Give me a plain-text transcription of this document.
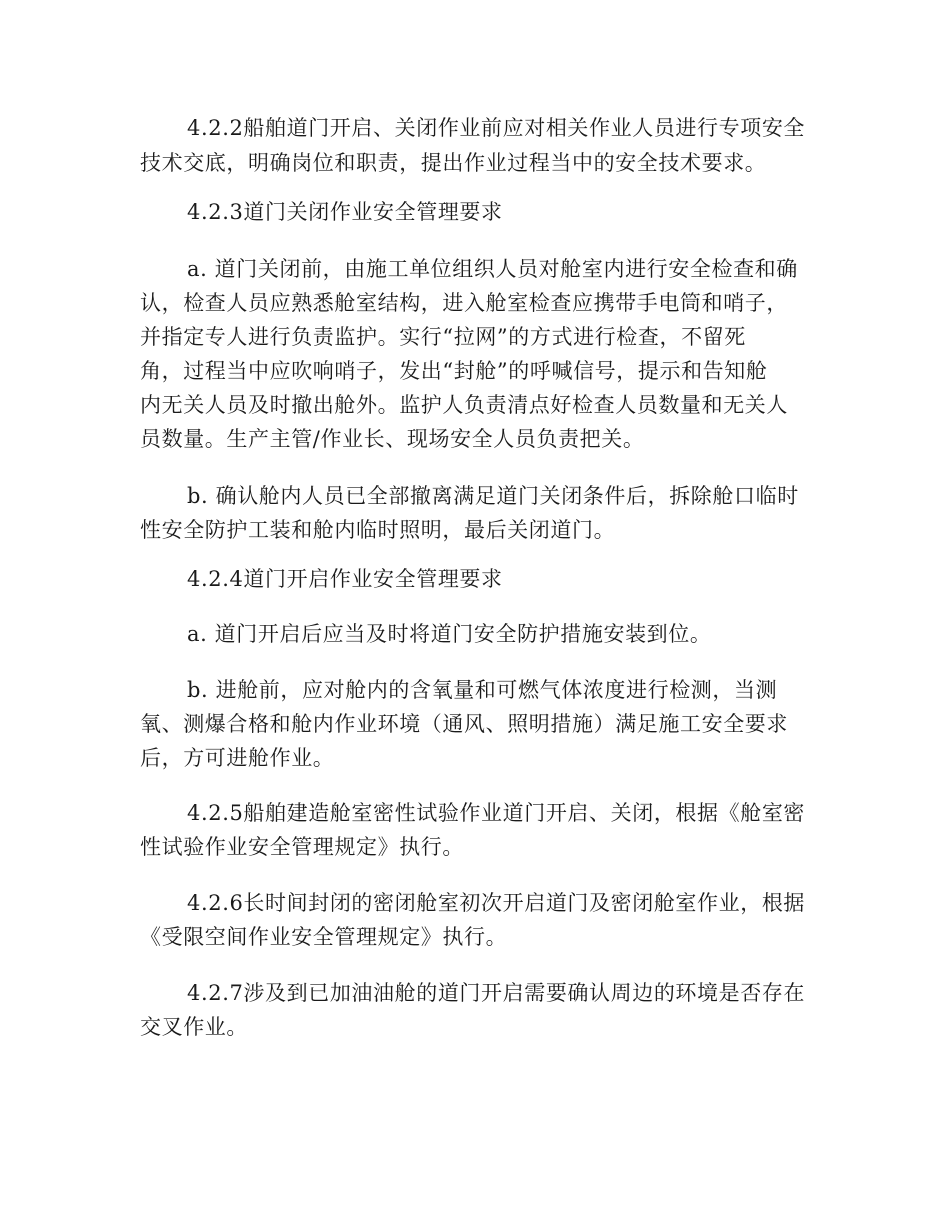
4.2.2船舶道门开启、关闭作业前应对相关作业人员进行专项安全
技术交底，明确岗位和职责，提出作业过程当中的安全技术要求。
4.2.3道门关闭作业安全管理要求
a. 道门关闭前，由施工单位组织人员对舱室内进行安全检查和确
认，检查人员应熟悉舱室结构，进入舱室检查应携带手电筒和哨子，
并指定专人进行负责监护。实行“拉网”的方式进行检查，不留死
角，过程当中应吹响哨子，发出“封舱”的呼喊信号，提示和告知舱
内无关人员及时撤出舱外。监护人负责清点好检查人员数量和无关人
员数量。生产主管/作业长、现场安全人员负责把关。
b. 确认舱内人员已全部撤离满足道门关闭条件后，拆除舱口临时
性安全防护工装和舱内临时照明，最后关闭道门。
4.2.4道门开启作业安全管理要求
a. 道门开启后应当及时将道门安全防护措施安装到位。
b. 进舱前，应对舱内的含氧量和可燃气体浓度进行检测，当测
氧、测爆合格和舱内作业环境（通风、照明措施）满足施工安全要求
后，方可进舱作业。
4.2.5船舶建造舱室密性试验作业道门开启、关闭，根据《舱室密
性试验作业安全管理规定》执行。
4.2.6长时间封闭的密闭舱室初次开启道门及密闭舱室作业，根据
《受限空间作业安全管理规定》执行。
4.2.7涉及到已加油油舱的道门开启需要确认周边的环境是否存在
交叉作业。
